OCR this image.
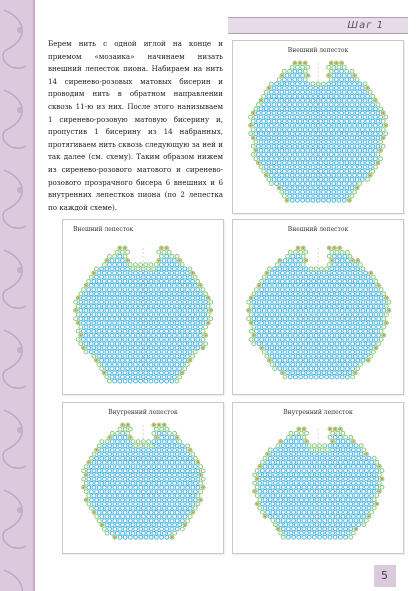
Шаг 1
Берем нить с одной иглой на конце и приемом «мозаика» начинаем низать внешний лепесток пиона. Набираем на нить 14 сиренево-розовых матовых бисерин и проводим нить в обратном направлении сквозь 11-ю из них. После этого нанизываем 1 сиренево-розовую матовую бисерину и, пропустив 1 бисерину из 14 набранных, протягиваем нить сквозь следующую за ней и так далее (см. схему). Таким образом нижем из сиренево-розового матового и сиренево-розового прозрачного бисера 6 внешних и 6 внутренних лепестков пиона (по 2 лепестка по каждой схеме).
Внешний лепесток
Внешний лепесток	Внешний лепесток
Внутренний лепесток	Внутренний лепесток
5
